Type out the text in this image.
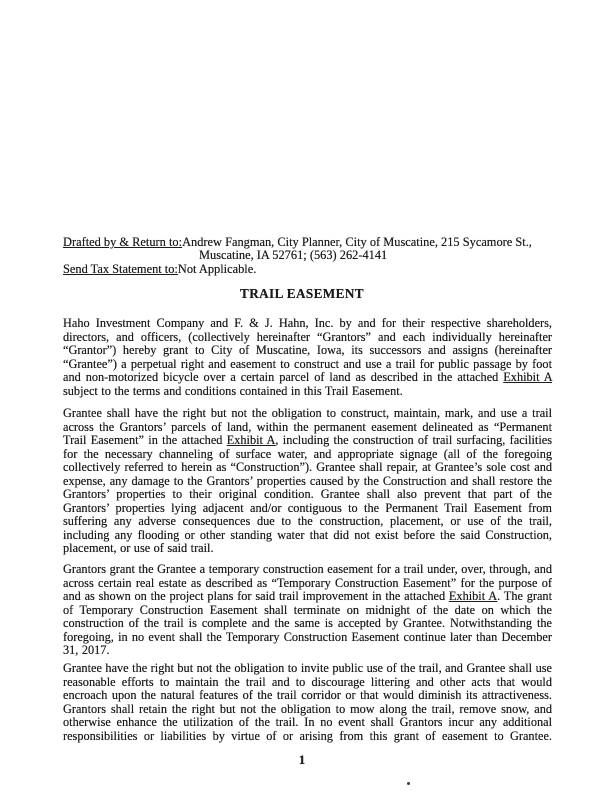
Drafted by & Return to:Andrew Fangman, City Planner, City of Muscatine, 215 Sycamore St.,
Muscatine, IA 52761; (563) 262-4141
Send Tax Statement to:Not Applicable.
TRAIL EASEMENT

Haho Investment Company and F. & J. Hahn, Inc. by and for their respective shareholders, directors, and officers, (collectively hereinafter “Grantors” and each individually hereinafter “Grantor”) hereby grant to City of Muscatine, Iowa, its successors and assigns (hereinafter “Grantee”) a perpetual right and easement to construct and use a trail for public passage by foot and non-motorized bicycle over a certain parcel of land as described in the attached Exhibit A subject to the terms and conditions contained in this Trail Easement.

Grantee shall have the right but not the obligation to construct, maintain, mark, and use a trail across the Grantors’ parcels of land, within the permanent easement delineated as “Permanent Trail Easement” in the attached Exhibit A, including the construction of trail surfacing, facilities for the necessary channeling of surface water, and appropriate signage (all of the foregoing collectively referred to herein as “Construction”). Grantee shall repair, at Grantee’s sole cost and expense, any damage to the Grantors’ properties caused by the Construction and shall restore the Grantors’ properties to their original condition. Grantee shall also prevent that part of the Grantors’ properties lying adjacent and/or contiguous to the Permanent Trail Easement from suffering any adverse consequences due to the construction, placement, or use of the trail, including any flooding or other standing water that did not exist before the said Construction, placement, or use of said trail.

Grantors grant the Grantee a temporary construction easement for a trail under, over, through, and across certain real estate as described as “Temporary Construction Easement” for the purpose of and as shown on the project plans for said trail improvement in the attached Exhibit A. The grant of Temporary Construction Easement shall terminate on midnight of the date on which the construction of the trail is complete and the same is accepted by Grantee. Notwithstanding the foregoing, in no event shall the Temporary Construction Easement continue later than December 31, 2017.

Grantee have the right but not the obligation to invite public use of the trail, and Grantee shall use reasonable efforts to maintain the trail and to discourage littering and other acts that would encroach upon the natural features of the trail corridor or that would diminish its attractiveness. Grantors shall retain the right but not the obligation to mow along the trail, remove snow, and otherwise enhance the utilization of the trail. In no event shall Grantors incur any additional responsibilities or liabilities by virtue of or arising from this grant of easement to Grantee.

1
